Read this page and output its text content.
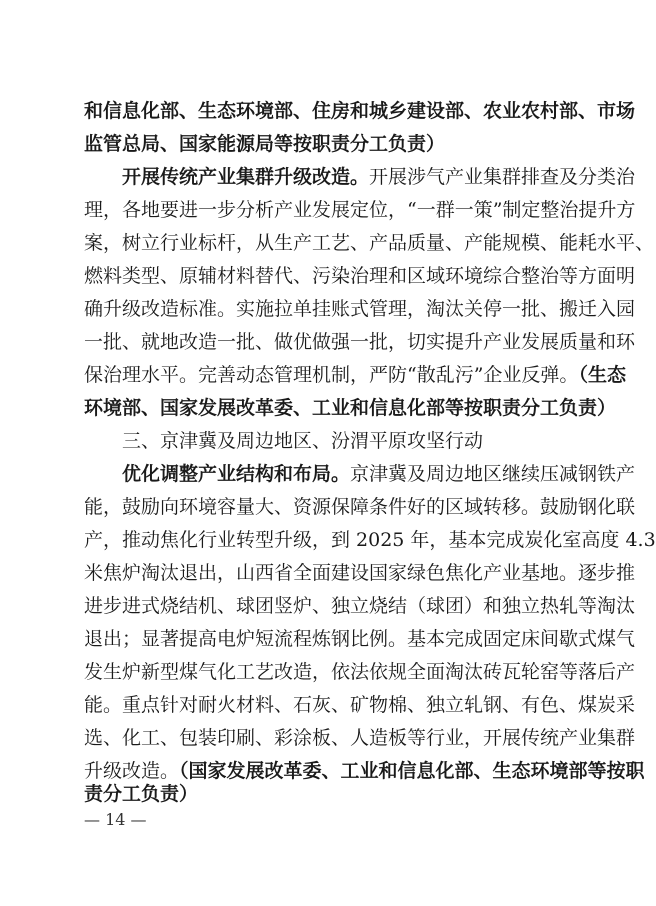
和信息化部、生态环境部、住房和城乡建设部、农业农村部、市场
监管总局、国家能源局等按职责分工负责）
开展传统产业集群升级改造。开展涉气产业集群排查及分类治
理，各地要进一步分析产业发展定位，“一群一策”制定整治提升方
案，树立行业标杆，从生产工艺、产品质量、产能规模、能耗水平、
燃料类型、原辅材料替代、污染治理和区域环境综合整治等方面明
确升级改造标准。实施拉单挂账式管理，淘汰关停一批、搬迁入园
一批、就地改造一批、做优做强一批，切实提升产业发展质量和环
保治理水平。完善动态管理机制，严防“散乱污”企业反弹。（生态
环境部、国家发展改革委、工业和信息化部等按职责分工负责）
三、京津冀及周边地区、汾渭平原攻坚行动
优化调整产业结构和布局。京津冀及周边地区继续压减钢铁产
能，鼓励向环境容量大、资源保障条件好的区域转移。鼓励钢化联
产，推动焦化行业转型升级，到 2025 年，基本完成炭化室高度 4.3
米焦炉淘汰退出，山西省全面建设国家绿色焦化产业基地。逐步推
进步进式烧结机、球团竖炉、独立烧结（球团）和独立热轧等淘汰
退出；显著提高电炉短流程炼钢比例。基本完成固定床间歇式煤气
发生炉新型煤气化工艺改造，依法依规全面淘汰砖瓦轮窑等落后产
能。重点针对耐火材料、石灰、矿物棉、独立轧钢、有色、煤炭采
选、化工、包装印刷、彩涂板、人造板等行业，开展传统产业集群
升级改造。（国家发展改革委、工业和信息化部、生态环境部等按职
责分工负责）
— 14 —
